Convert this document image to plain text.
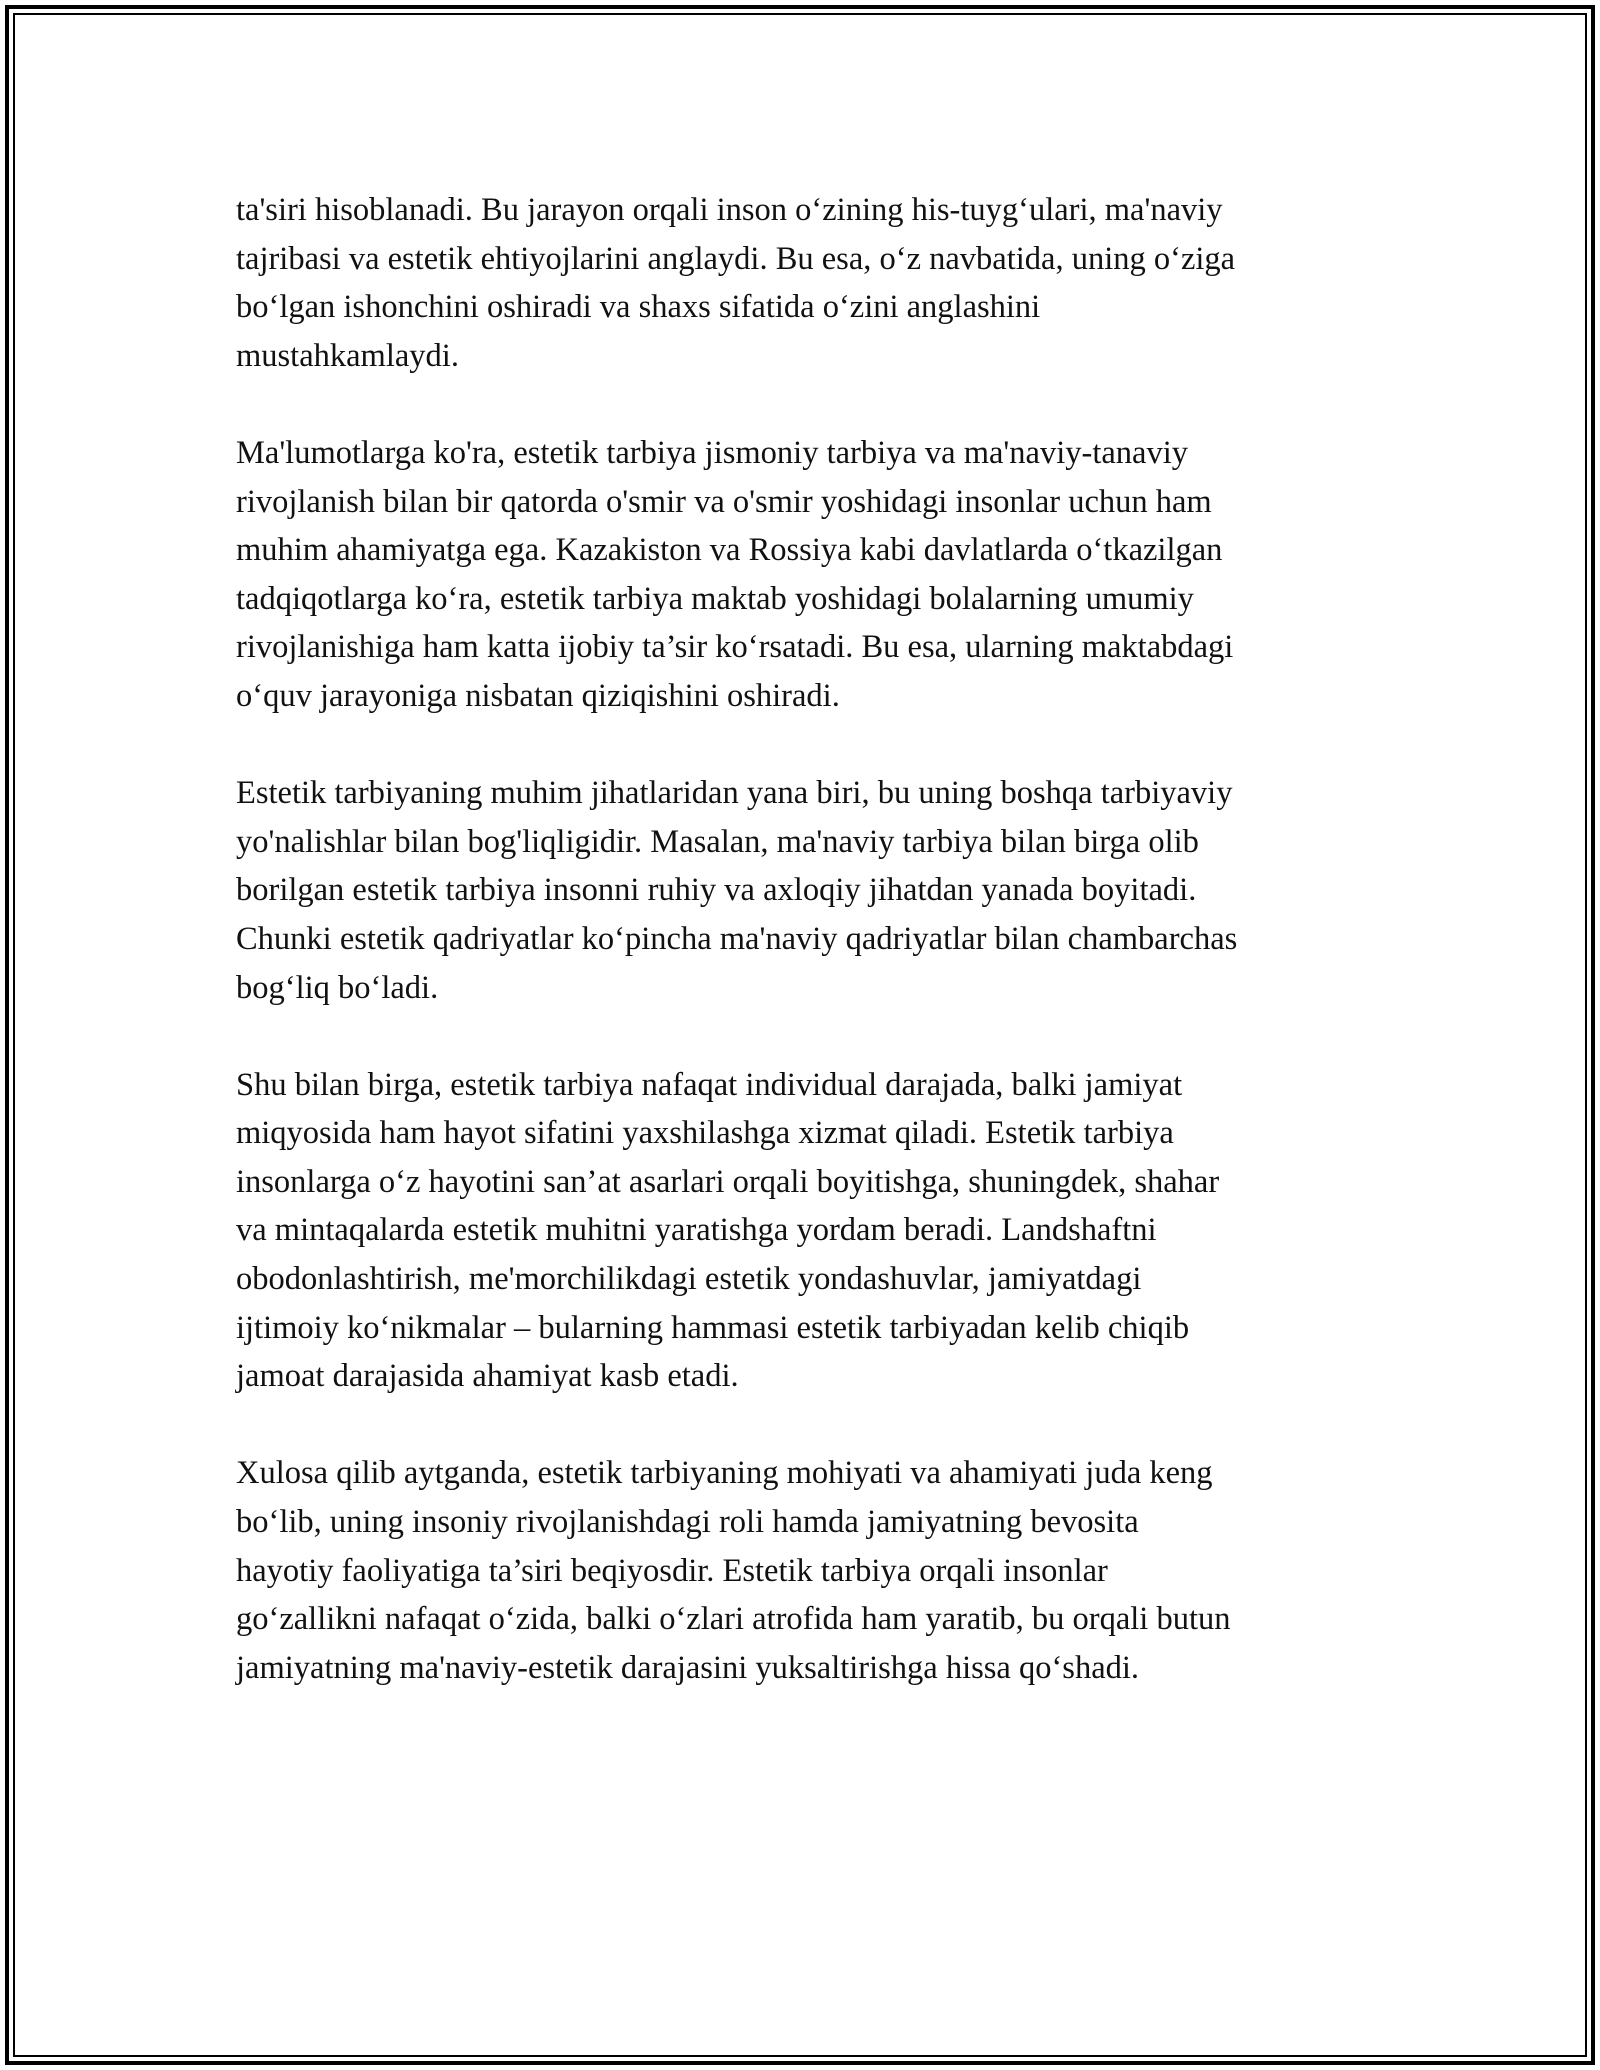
ta'siri hisoblanadi. Bu jarayon orqali inson o‘zining his-tuyg‘ulari, ma'naviy
tajribasi va estetik ehtiyojlarini anglaydi. Bu esa, o‘z navbatida, uning o‘ziga
bo‘lgan ishonchini oshiradi va shaxs sifatida o‘zini anglashini
mustahkamlaydi.
Ma'lumotlarga ko'ra, estetik tarbiya jismoniy tarbiya va ma'naviy-tanaviy
rivojlanish bilan bir qatorda o'smir va o'smir yoshidagi insonlar uchun ham
muhim ahamiyatga ega. Kazakiston va Rossiya kabi davlatlarda o‘tkazilgan
tadqiqotlarga ko‘ra, estetik tarbiya maktab yoshidagi bolalarning umumiy
rivojlanishiga ham katta ijobiy ta’sir ko‘rsatadi. Bu esa, ularning maktabdagi
o‘quv jarayoniga nisbatan qiziqishini oshiradi.
Estetik tarbiyaning muhim jihatlaridan yana biri, bu uning boshqa tarbiyaviy
yo'nalishlar bilan bog'liqligidir. Masalan, ma'naviy tarbiya bilan birga olib
borilgan estetik tarbiya insonni ruhiy va axloqiy jihatdan yanada boyitadi.
Chunki estetik qadriyatlar ko‘pincha ma'naviy qadriyatlar bilan chambarchas
bog‘liq bo‘ladi.
Shu bilan birga, estetik tarbiya nafaqat individual darajada, balki jamiyat
miqyosida ham hayot sifatini yaxshilashga xizmat qiladi. Estetik tarbiya
insonlarga o‘z hayotini san’at asarlari orqali boyitishga, shuningdek, shahar
va mintaqalarda estetik muhitni yaratishga yordam beradi. Landshaftni
obodonlashtirish, me'morchilikdagi estetik yondashuvlar, jamiyatdagi
ijtimoiy ko‘nikmalar – bularning hammasi estetik tarbiyadan kelib chiqib
jamoat darajasida ahamiyat kasb etadi.
Xulosa qilib aytganda, estetik tarbiyaning mohiyati va ahamiyati juda keng
bo‘lib, uning insoniy rivojlanishdagi roli hamda jamiyatning bevosita
hayotiy faoliyatiga ta’siri beqiyosdir. Estetik tarbiya orqali insonlar
go‘zallikni nafaqat o‘zida, balki o‘zlari atrofida ham yaratib, bu orqali butun
jamiyatning ma'naviy-estetik darajasini yuksaltirishga hissa qo‘shadi.
